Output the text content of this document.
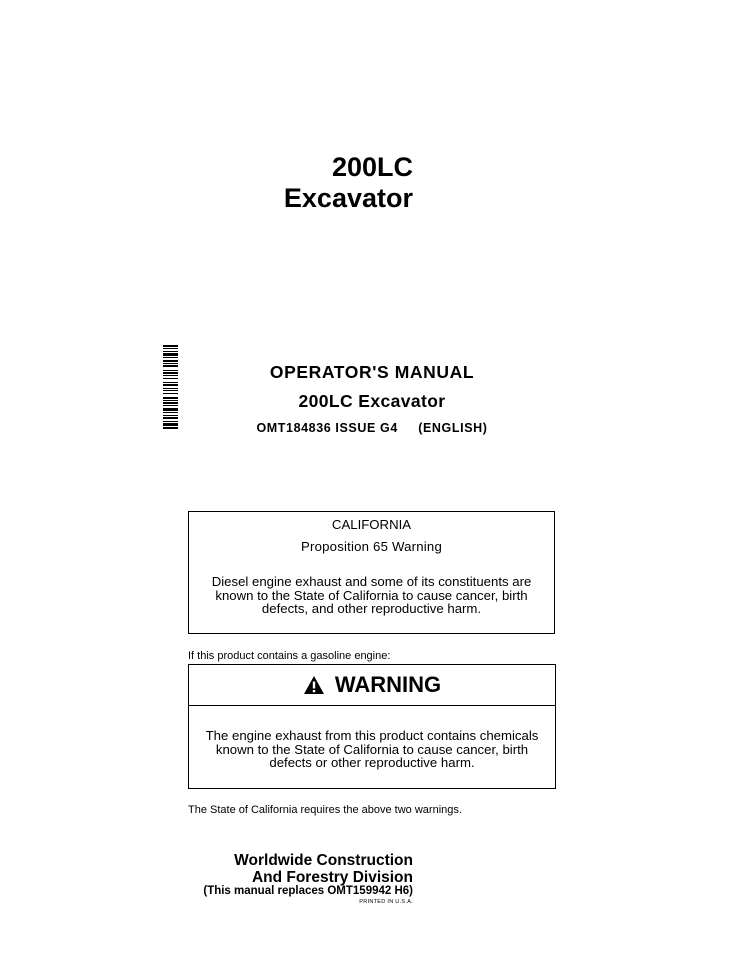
200LC
Excavator
OPERATOR'S MANUAL
200LC Excavator
OMT184836 ISSUE G4     (ENGLISH)
CALIFORNIA
Proposition 65 Warning
Diesel engine exhaust and some of its constituents are known to the State of California to cause cancer, birth defects, and other reproductive harm.
If this product contains a gasoline engine:
WARNING
The engine exhaust from this product contains chemicals known to the State of California to cause cancer, birth defects or other reproductive harm.
The State of California requires the above two warnings.
Worldwide Construction
And Forestry Division
(This manual replaces OMT159942 H6)
PRINTED IN U.S.A.
